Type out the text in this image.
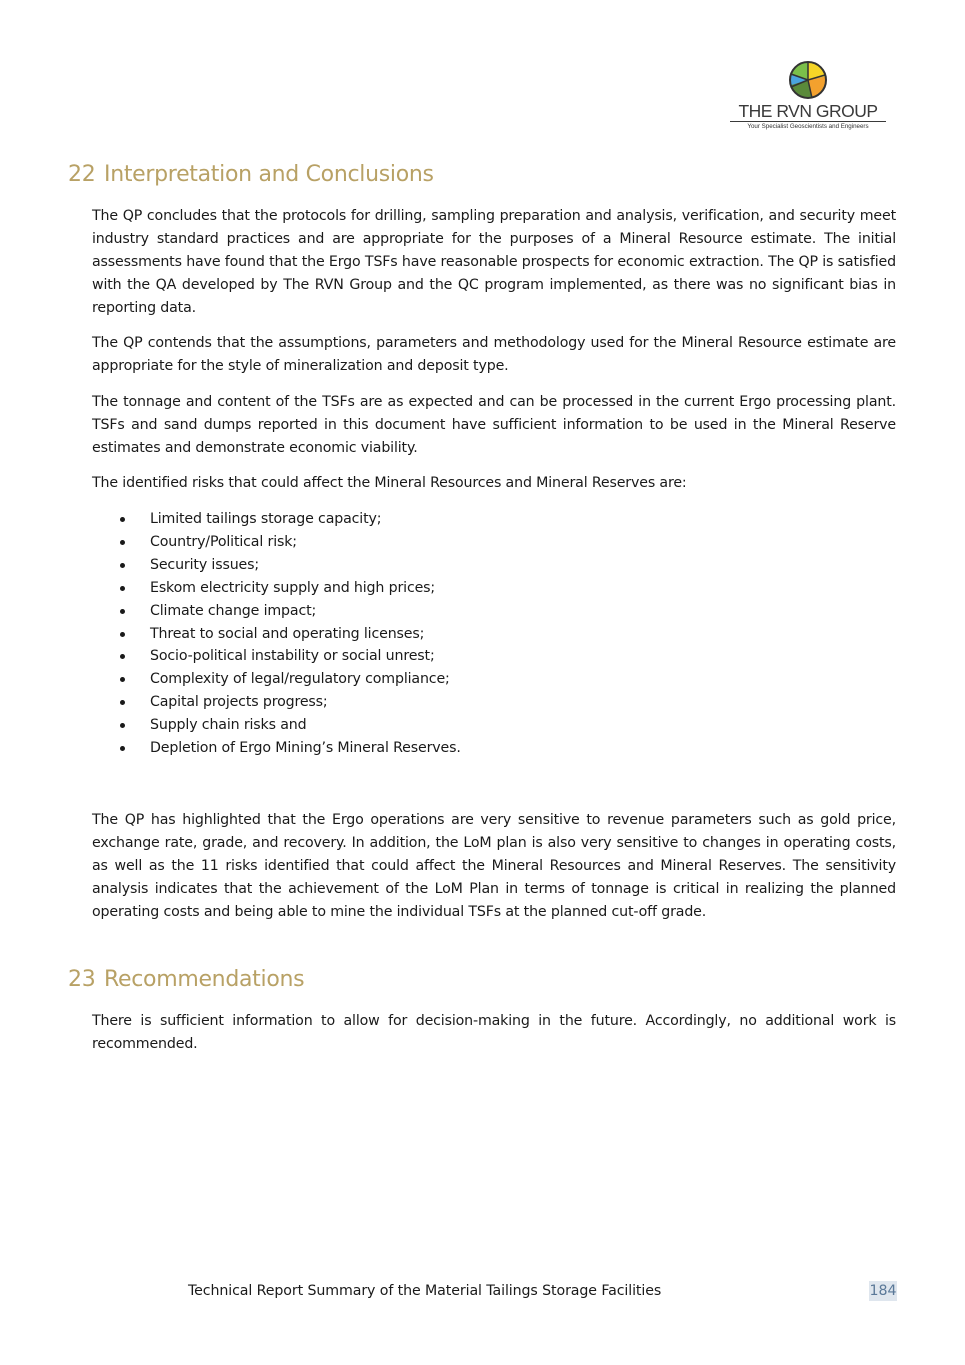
THE RVN GROUP
Your Specialist Geoscientists and Engineers
22 Interpretation and Conclusions

The QP concludes that the protocols for drilling, sampling preparation and analysis, verification, and security meet industry standard practices and are appropriate for the purposes of a Mineral Resource estimate. The initial assessments have found that the Ergo TSFs have reasonable prospects for economic extraction. The QP is satisfied with the QA developed by The RVN Group and the QC program implemented, as there was no significant bias in reporting data.

The QP contends that the assumptions, parameters and methodology used for the Mineral Resource estimate are appropriate for the style of mineralization and deposit type.

The tonnage and content of the TSFs are as expected and can be processed in the current Ergo processing plant. TSFs and sand dumps reported in this document have sufficient information to be used in the Mineral Reserve estimates and demonstrate economic viability.

The identified risks that could affect the Mineral Resources and Mineral Reserves are:

Limited tailings storage capacity;
Country/Political risk;
Security issues;
Eskom electricity supply and high prices;
Climate change impact;
Threat to social and operating licenses;
Socio-political instability or social unrest;
Complexity of legal/regulatory compliance;
Capital projects progress;
Supply chain risks and
Depletion of Ergo Mining’s Mineral Reserves.

The QP has highlighted that the Ergo operations are very sensitive to revenue parameters such as gold price, exchange rate, grade, and recovery. In addition, the LoM plan is also very sensitive to changes in operating costs, as well as the 11 risks identified that could affect the Mineral Resources and Mineral Reserves. The sensitivity analysis indicates that the achievement of the LoM Plan in terms of tonnage is critical in realizing the planned operating costs and being able to mine the individual TSFs at the planned cut-off grade.

23 Recommendations

There is sufficient information to allow for decision-making in the future. Accordingly, no additional work is recommended.

Technical Report Summary of the Material Tailings Storage Facilities	184
